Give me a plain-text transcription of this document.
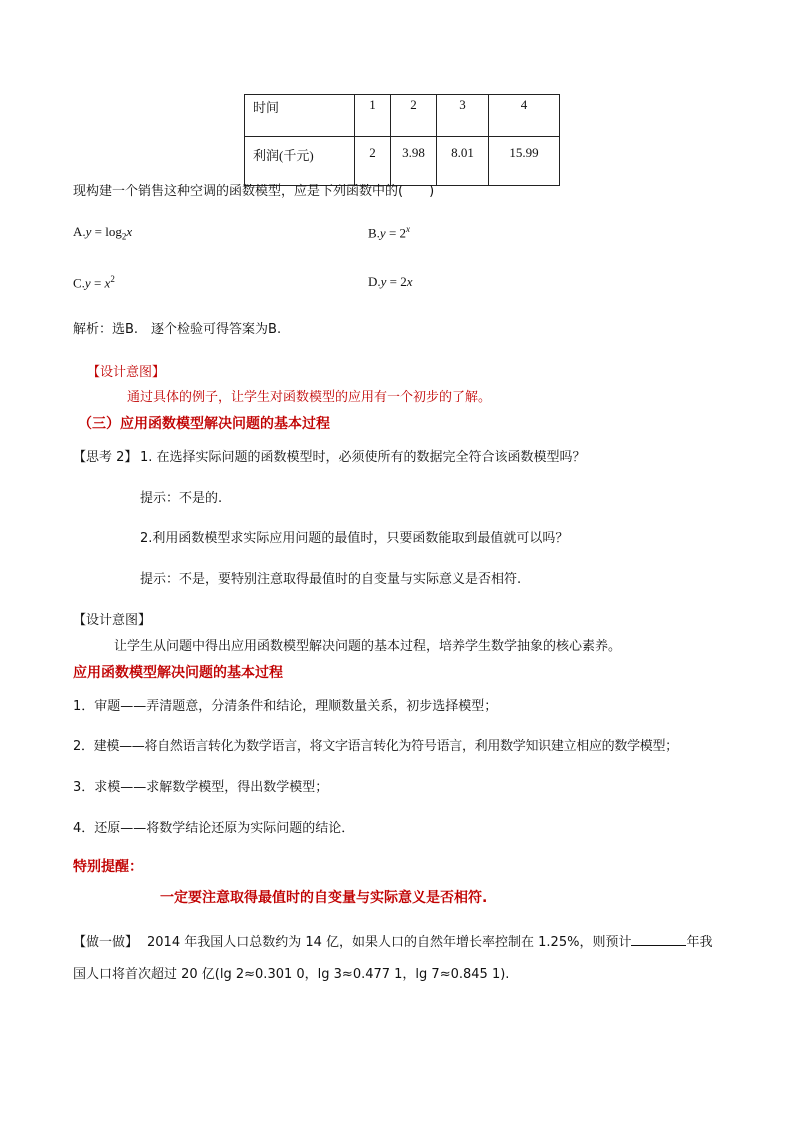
时间	1	2	3	4
利润(千元)	2	3.98	8.01	15.99
现构建一个销售这种空调的函数模型，应是下列函数中的(　　)
$A.y = \log_2x$	$B.y = 2^x$
$C.y = x^2$	D.y = 2x
解析：选B.　逐个检验可得答案为B.
【设计意图】
通过具体的例子，让学生对函数模型的应用有一个初步的了解。
（三）应用函数模型解决问题的基本过程
【思考 2】 1. 在选择实际问题的函数模型时，必须使所有的数据完全符合该函数模型吗？
提示：不是的.
2.利用函数模型求实际应用问题的最值时，只要函数能取到最值就可以吗？
提示：不是，要特别注意取得最值时的自变量与实际意义是否相符.
【设计意图】
让学生从问题中得出应用函数模型解决问题的基本过程，培养学生数学抽象的核心素养。
应用函数模型解决问题的基本过程
1．审题——弄清题意，分清条件和结论，理顺数量关系，初步选择模型；
2．建模——将自然语言转化为数学语言，将文字语言转化为符号语言，利用数学知识建立相应的数学模型；
3．求模——求解数学模型，得出数学模型；
4．还原——将数学结论还原为实际问题的结论．
特别提醒：
一定要注意取得最值时的自变量与实际意义是否相符.
【做一做】 2014 年我国人口总数约为 14 亿，如果人口的自然年增长率控制在 1.25%，则预计	年我
国人口将首次超过 20 亿(lg 2≈0.301 0，lg 3≈0.477 1，lg 7≈0.845 1).
